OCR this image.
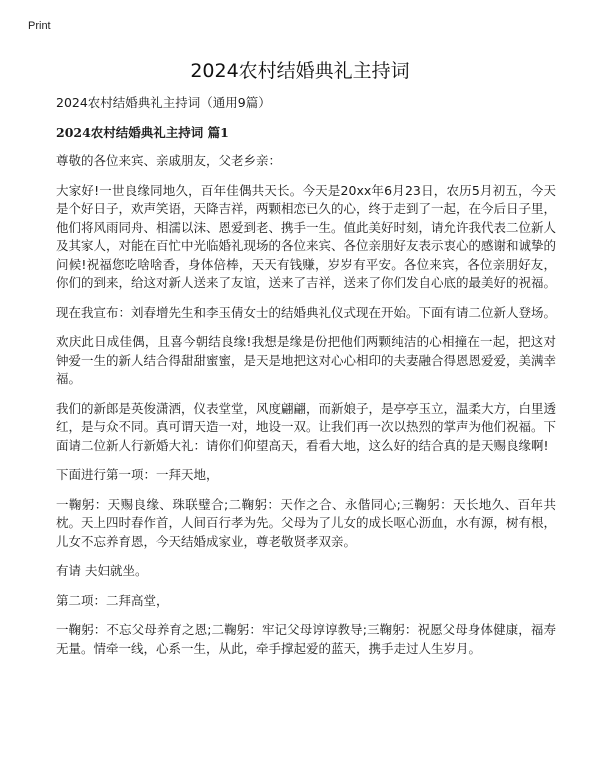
Print
2024农村结婚典礼主持词

2024农村结婚典礼主持词（通用9篇）

2024农村结婚典礼主持词 篇1

尊敬的各位来宾、亲戚朋友，父老乡亲：

大家好!一世良缘同地久，百年佳偶共天长。今天是20xx年6月23日，农历5月初五，今天是个好日子，欢声笑语，天降吉祥，两颗相恋已久的心，终于走到了一起，在今后日子里，他们将风雨同舟、相濡以沫、恩爱到老、携手一生。值此美好时刻，请允许我代表二位新人及其家人，对能在百忙中光临婚礼现场的各位来宾、各位亲朋好友表示衷心的感谢和诚挚的问候!祝福您吃啥啥香，身体倍棒，天天有钱赚，岁岁有平安。各位来宾，各位亲朋好友，你们的到来，给这对新人送来了友谊，送来了吉祥，送来了你们发自心底的最美好的祝福。

现在我宣布：刘春增先生和李玉倩女士的结婚典礼仪式现在开始。下面有请二位新人登场。

欢庆此日成佳偶，且喜今朝结良缘!我想是缘是份把他们两颗纯洁的心相撞在一起，把这对钟爱一生的新人结合得甜甜蜜蜜，是天是地把这对心心相印的夫妻融合得恩恩爱爱，美满幸福。

我们的新郎是英俊潇洒，仪表堂堂，风度翩翩，而新娘子，是亭亭玉立，温柔大方，白里透红，是与众不同。真可谓天造一对，地设一双。让我们再一次以热烈的掌声为他们祝福。下面请二位新人行新婚大礼：请你们仰望高天，看看大地，这么好的结合真的是天赐良缘啊!

下面进行第一项：一拜天地，

一鞠躬：天赐良缘、珠联璧合;二鞠躬：天作之合、永偕同心;三鞠躬：天长地久、百年共枕。天上四时春作首，人间百行孝为先。父母为了儿女的成长呕心沥血，水有源，树有根，儿女不忘养育恩，今天结婚成家业，尊老敬贤孝双亲。

有请 夫妇就坐。

第二项：二拜高堂，

一鞠躬：不忘父母养育之恩;二鞠躬：牢记父母谆谆教导;三鞠躬：祝愿父母身体健康，福寿无量。情牵一线，心系一生，从此，牵手撑起爱的蓝天，携手走过人生岁月。
